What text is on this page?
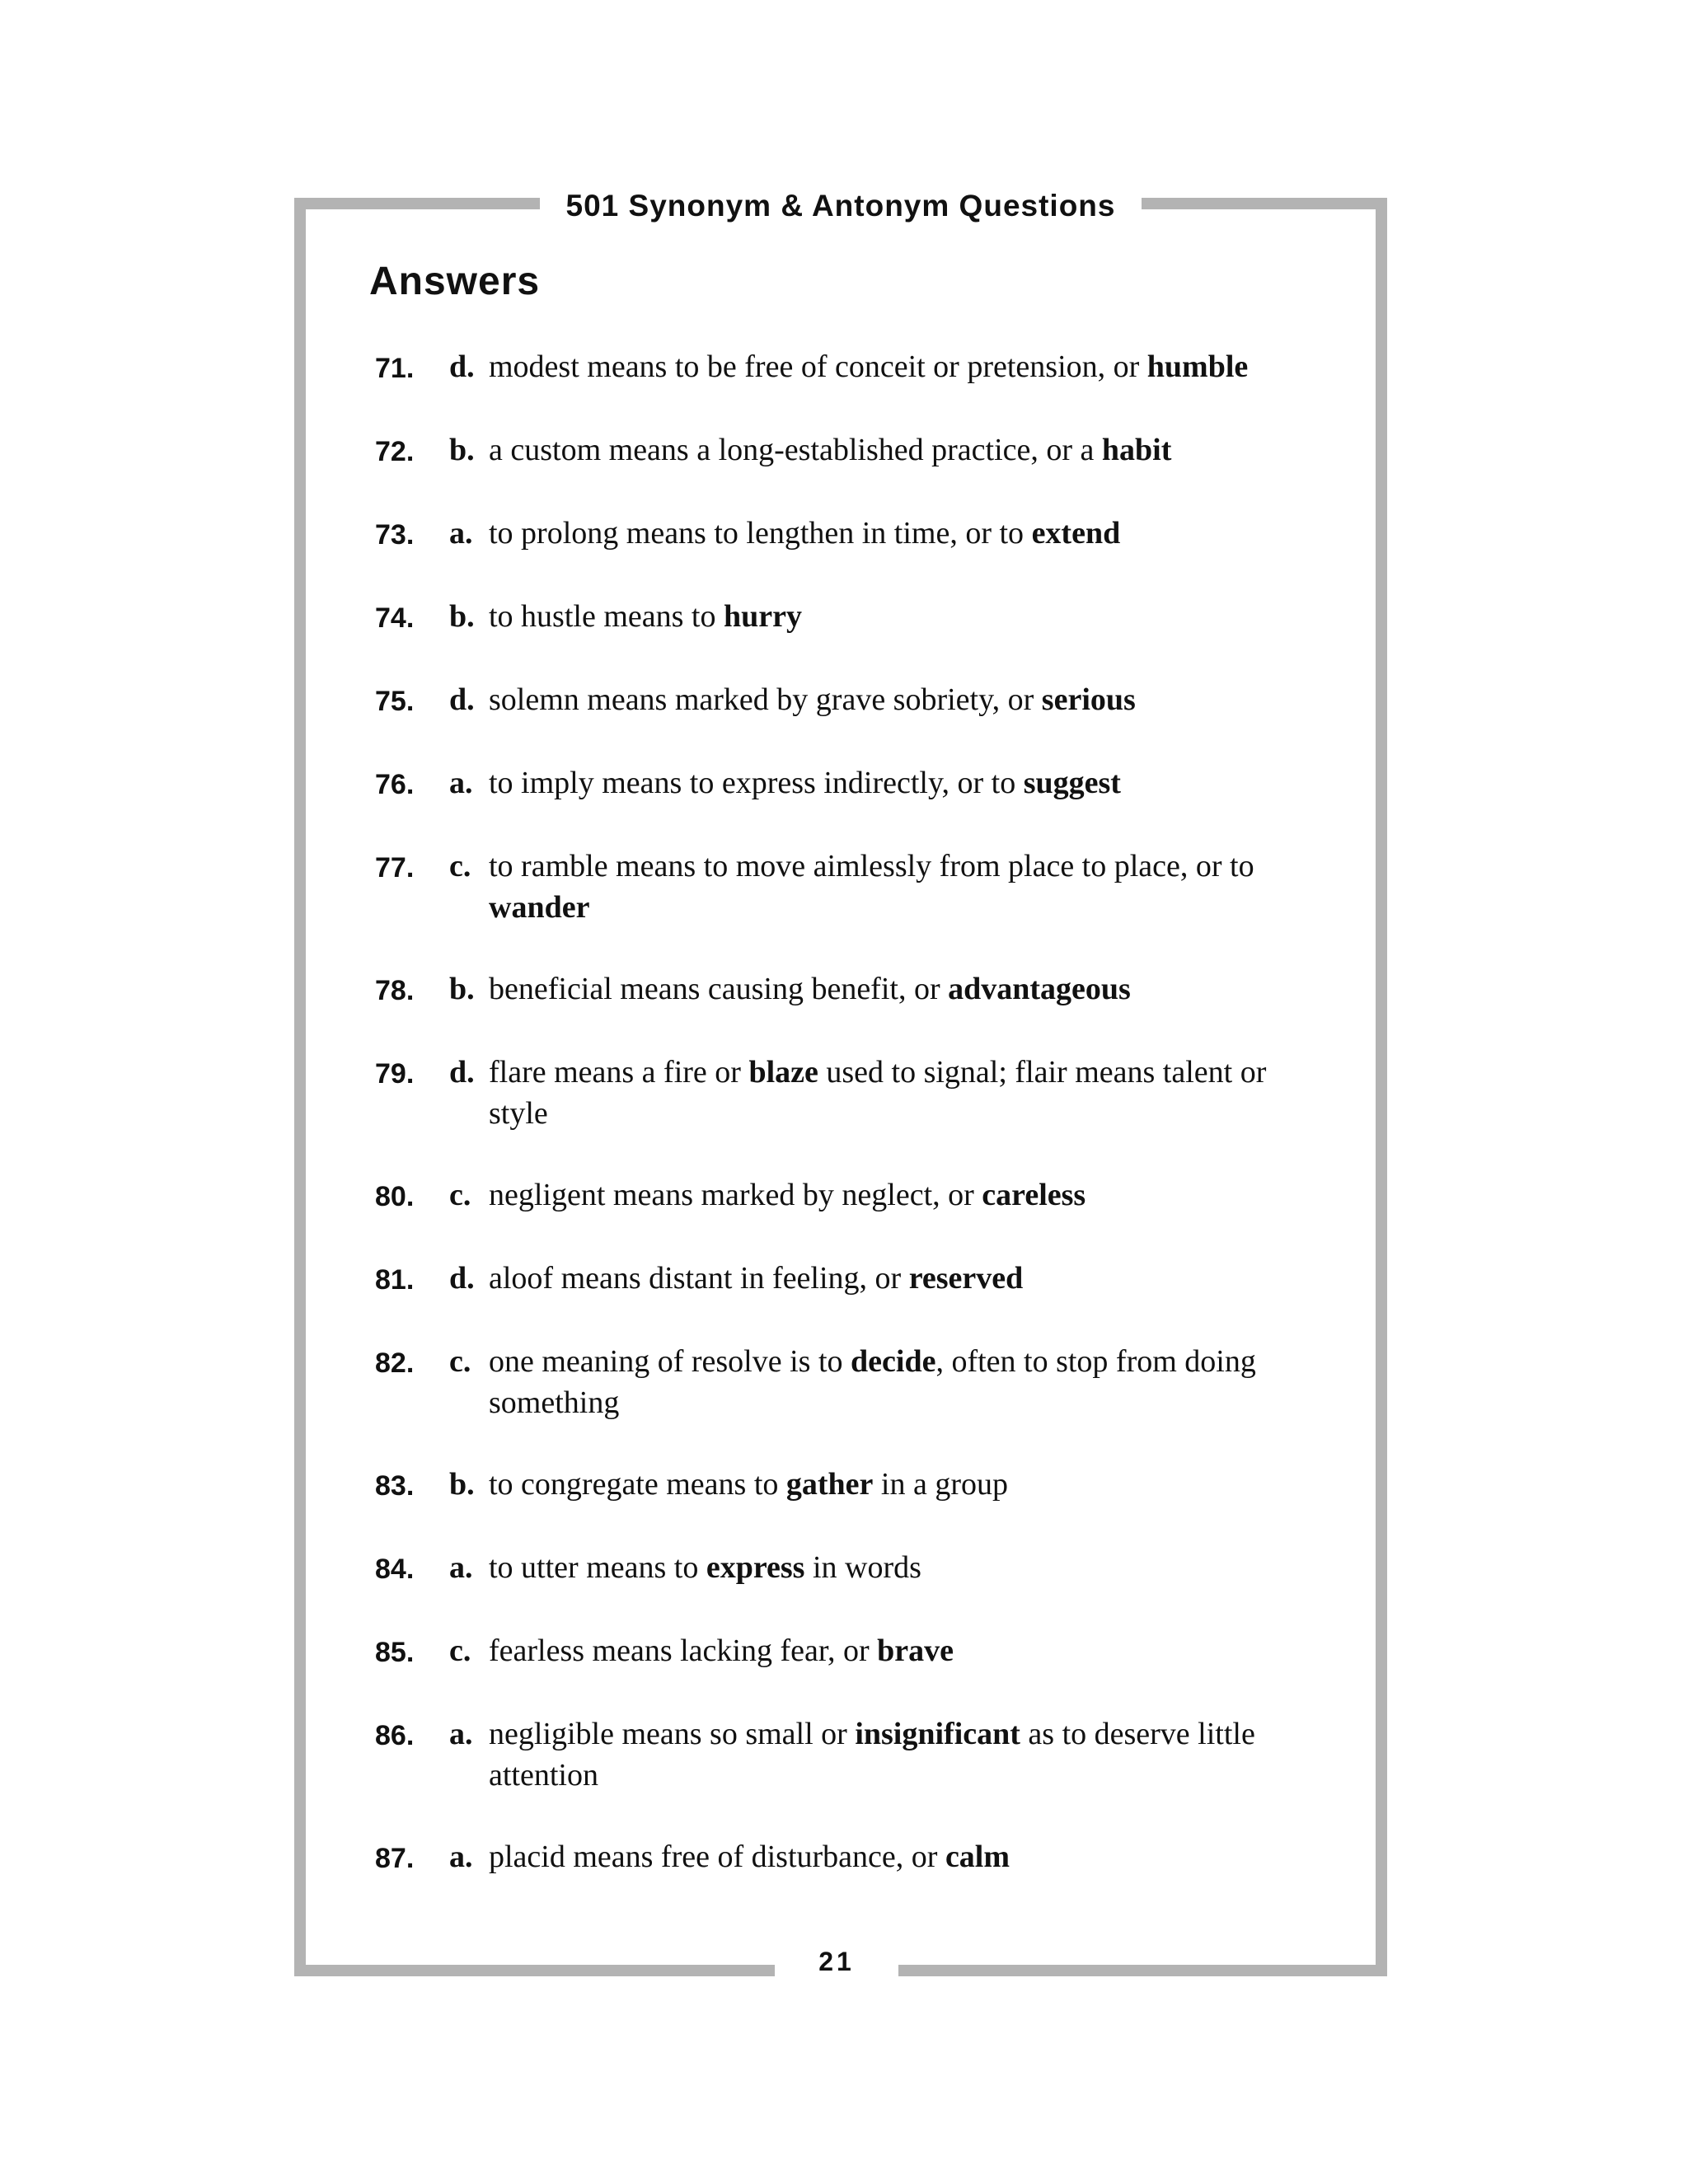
501 Synonym & Antonym Questions
Answers
71.	d. modest means to be free of conceit or pretension, or humble
72.	b. a custom means a long-established practice, or a habit
73.	a. to prolong means to lengthen in time, or to extend
74.	b. to hustle means to hurry
75.	d. solemn means marked by grave sobriety, or serious
76.	a. to imply means to express indirectly, or to suggest
77.	c. to ramble means to move aimlessly from place to place, or to wander
78.	b. beneficial means causing benefit, or advantageous
79.	d. flare means a fire or blaze used to signal; flair means talent or style
80.	c. negligent means marked by neglect, or careless
81.	d. aloof means distant in feeling, or reserved
82.	c. one meaning of resolve is to decide, often to stop from doing something
83.	b. to congregate means to gather in a group
84.	a. to utter means to express in words
85.	c. fearless means lacking fear, or brave
86.	a. negligible means so small or insignificant as to deserve little attention
87.	a. placid means free of disturbance, or calm
21
